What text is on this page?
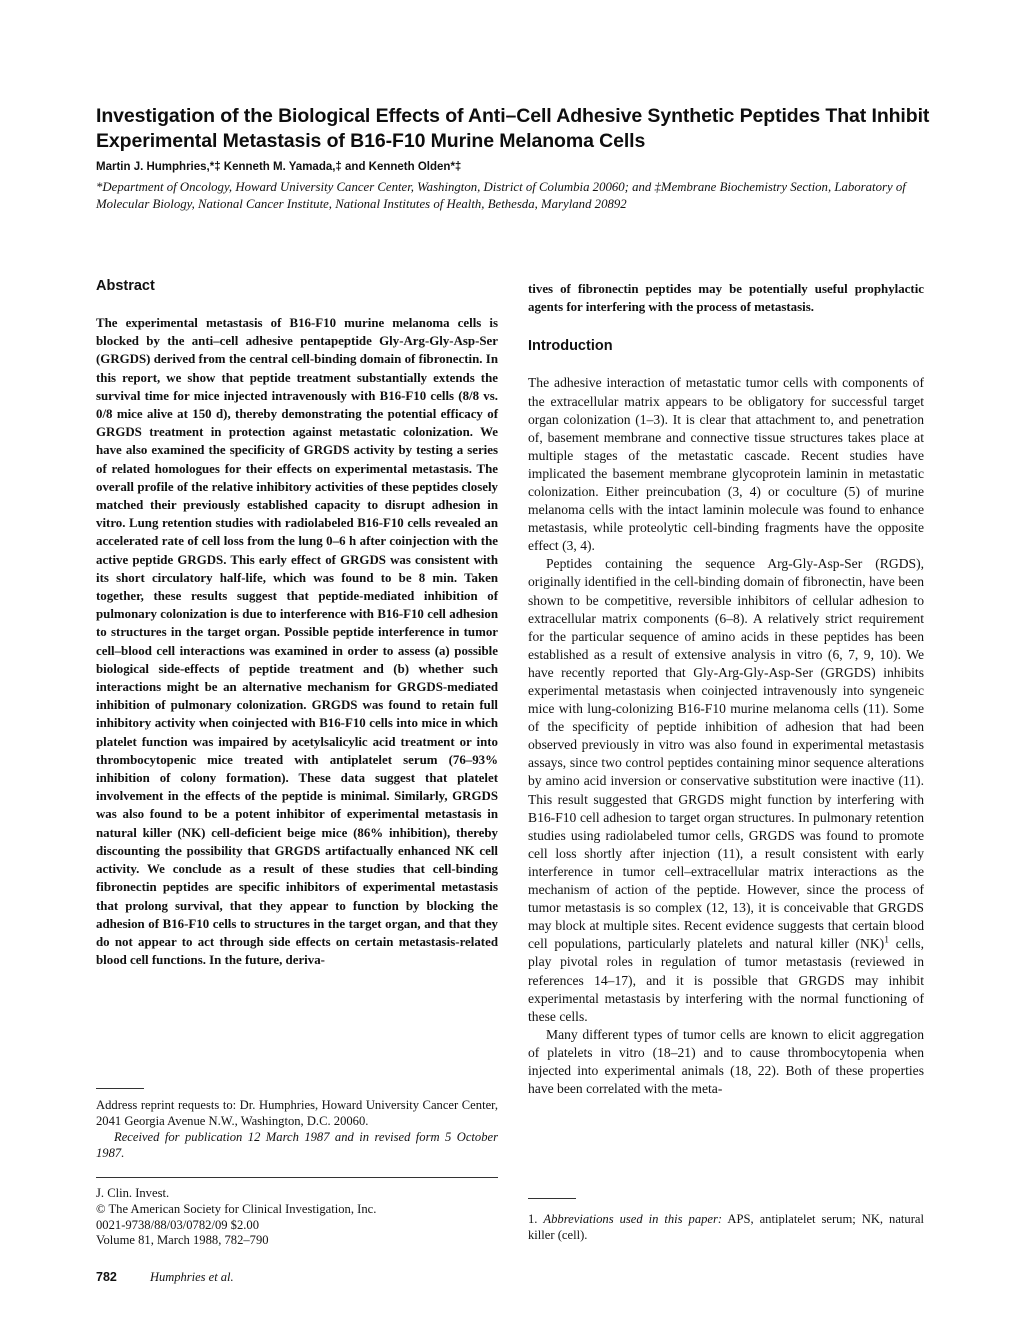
Investigation of the Biological Effects of Anti–Cell Adhesive Synthetic Peptides That Inhibit Experimental Metastasis of B16-F10 Murine Melanoma Cells
Martin J. Humphries,*‡ Kenneth M. Yamada,‡ and Kenneth Olden*‡
*Department of Oncology, Howard University Cancer Center, Washington, District of Columbia 20060; and ‡Membrane Biochemistry Section, Laboratory of Molecular Biology, National Cancer Institute, National Institutes of Health, Bethesda, Maryland 20892
Abstract

The experimental metastasis of B16-F10 murine melanoma cells is blocked by the anti–cell adhesive pentapeptide Gly-Arg-Gly-Asp-Ser (GRGDS) derived from the central cell-binding domain of fibronectin. In this report, we show that peptide treatment substantially extends the survival time for mice injected intravenously with B16-F10 cells (8/8 vs. 0/8 mice alive at 150 d), thereby demonstrating the potential efficacy of GRGDS treatment in protection against metastatic colonization. We have also examined the specificity of GRGDS activity by testing a series of related homologues for their effects on experimental metastasis. The overall profile of the relative inhibitory activities of these peptides closely matched their previously established capacity to disrupt adhesion in vitro. Lung retention studies with radiolabeled B16-F10 cells revealed an accelerated rate of cell loss from the lung 0–6 h after coinjection with the active peptide GRGDS. This early effect of GRGDS was consistent with its short circulatory half-life, which was found to be 8 min. Taken together, these results suggest that peptide-mediated inhibition of pulmonary colonization is due to interference with B16-F10 cell adhesion to structures in the target organ. Possible peptide interference in tumor cell–blood cell interactions was examined in order to assess (a) possible biological side-effects of peptide treatment and (b) whether such interactions might be an alternative mechanism for GRGDS-mediated inhibition of pulmonary colonization. GRGDS was found to retain full inhibitory activity when coinjected with B16-F10 cells into mice in which platelet function was impaired by acetylsalicylic acid treatment or into thrombocytopenic mice treated with antiplatelet serum (76–93% inhibition of colony formation). These data suggest that platelet involvement in the effects of the peptide is minimal. Similarly, GRGDS was also found to be a potent inhibitor of experimental metastasis in natural killer (NK) cell-deficient beige mice (86% inhibition), thereby discounting the possibility that GRGDS artifactually enhanced NK cell activity. We conclude as a result of these studies that cell-binding fibronectin peptides are specific inhibitors of experimental metastasis that prolong survival, that they appear to function by blocking the adhesion of B16-F10 cells to structures in the target organ, and that they do not appear to act through side effects on certain metastasis-related blood cell functions. In the future, deriva-

tives of fibronectin peptides may be potentially useful prophylactic agents for interfering with the process of metastasis.

Introduction

The adhesive interaction of metastatic tumor cells with components of the extracellular matrix appears to be obligatory for successful target organ colonization (1–3). It is clear that attachment to, and penetration of, basement membrane and connective tissue structures takes place at multiple stages of the metastatic cascade. Recent studies have implicated the basement membrane glycoprotein laminin in metastatic colonization. Either preincubation (3, 4) or coculture (5) of murine melanoma cells with the intact laminin molecule was found to enhance metastasis, while proteolytic cell-binding fragments have the opposite effect (3, 4).

Peptides containing the sequence Arg-Gly-Asp-Ser (RGDS), originally identified in the cell-binding domain of fibronectin, have been shown to be competitive, reversible inhibitors of cellular adhesion to extracellular matrix components (6–8). A relatively strict requirement for the particular sequence of amino acids in these peptides has been established as a result of extensive analysis in vitro (6, 7, 9, 10). We have recently reported that Gly-Arg-Gly-Asp-Ser (GRGDS) inhibits experimental metastasis when coinjected intravenously into syngeneic mice with lung-colonizing B16-F10 murine melanoma cells (11). Some of the specificity of peptide inhibition of adhesion that had been observed previously in vitro was also found in experimental metastasis assays, since two control peptides containing minor sequence alterations by amino acid inversion or conservative substitution were inactive (11). This result suggested that GRGDS might function by interfering with B16-F10 cell adhesion to target organ structures. In pulmonary retention studies using radiolabeled tumor cells, GRGDS was found to promote cell loss shortly after injection (11), a result consistent with early interference in tumor cell–extracellular matrix interactions as the mechanism of action of the peptide. However, since the process of tumor metastasis is so complex (12, 13), it is conceivable that GRGDS may block at multiple sites. Recent evidence suggests that certain blood cell populations, particularly platelets and natural killer (NK)$^1$ cells, play pivotal roles in regulation of tumor metastasis (reviewed in references 14–17), and it is possible that GRGDS may inhibit experimental metastasis by interfering with the normal functioning of these cells.

Many different types of tumor cells are known to elicit aggregation of platelets in vitro (18–21) and to cause thrombocytopenia when injected into experimental animals (18, 22). Both of these properties have been correlated with the meta-

Address reprint requests to: Dr. Humphries, Howard University Cancer Center, 2041 Georgia Avenue N.W., Washington, D.C. 20060.

Received for publication 12 March 1987 and in revised form 5 October 1987.

J. Clin. Invest.

© The American Society for Clinical Investigation, Inc.

0021-9738/88/03/0782/09 $2.00

Volume 81, March 1988, 782–790

1. Abbreviations used in this paper: APS, antiplatelet serum; NK, natural killer (cell).

782	Humphries et al.
